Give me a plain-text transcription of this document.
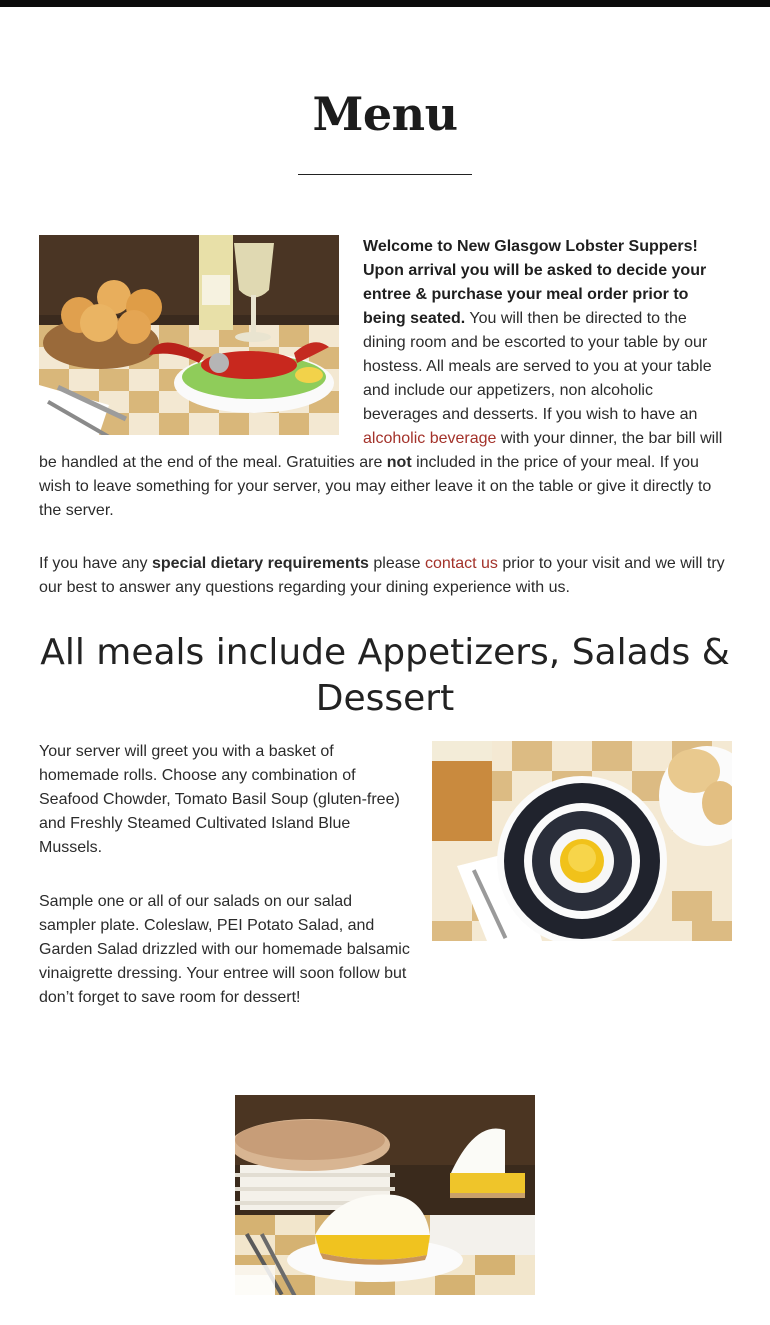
Menu

Welcome to New Glasgow Lobster Suppers! Upon arrival you will be asked to decide your entree & purchase your meal order prior to being seated. You will then be directed to the dining room and be escorted to your table by our hostess. All meals are served to you at your table and include our appetizers, non alcoholic beverages and desserts. If you wish to have an alcoholic beverage with your dinner, the bar bill will be handled at the end of the meal. Gratuities are not included in the price of your meal. If you wish to leave something for your server, you may either leave it on the table or give it directly to the server.

If you have any special dietary requirements please contact us prior to your visit and we will try our best to answer any questions regarding your dining experience with us.

All meals include Appetizers, Salads & Dessert

Your server will greet you with a basket of homemade rolls. Choose any combination of Seafood Chowder, Tomato Basil Soup (gluten-free) and Freshly Steamed Cultivated Island Blue Mussels.

Sample one or all of our salads on our salad sampler plate. Coleslaw, PEI Potato Salad, and Garden Salad drizzled with our homemade balsamic vinaigrette dressing. Your entree will soon follow but don’t forget to save room for dessert!
